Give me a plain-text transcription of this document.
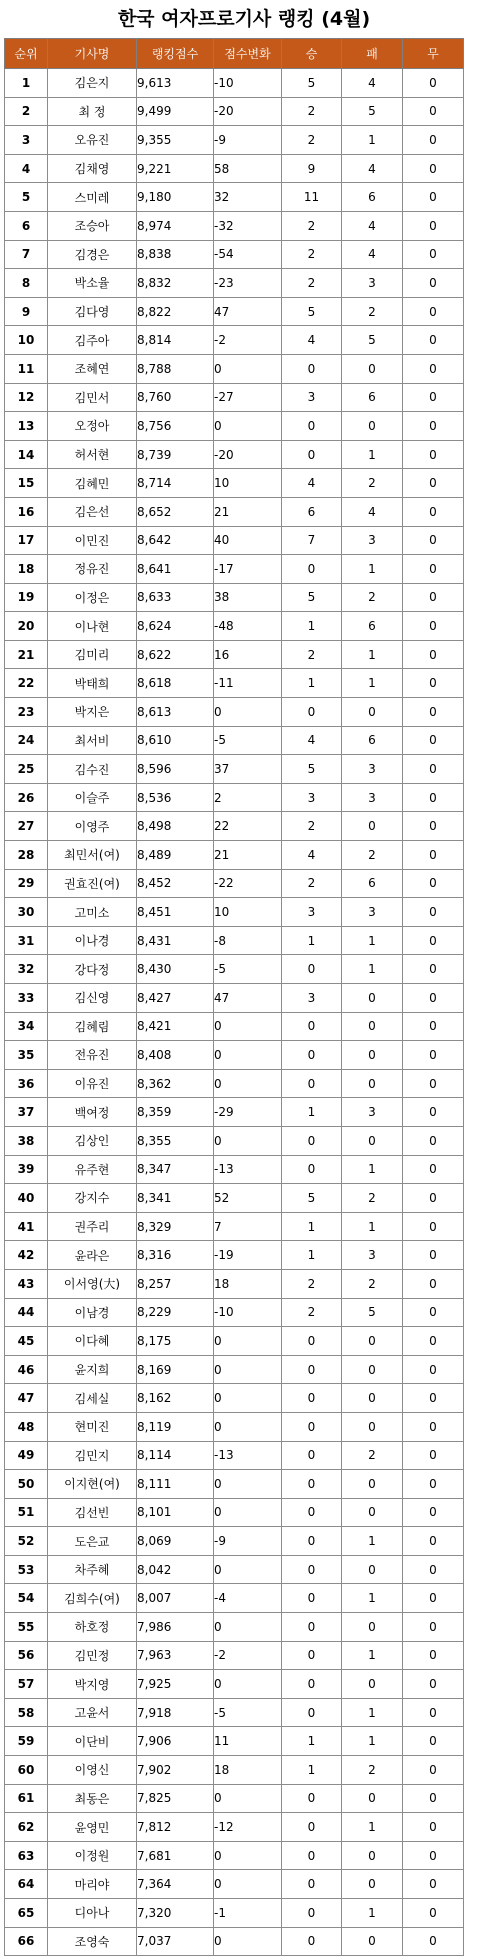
한국 여자프로기사 랭킹 (4월)
순위	기사명	랭킹점수	점수변화	승	패	무
1	김은지	9,613	-10	5	4	0
2	최 정	9,499	-20	2	5	0
3	오유진	9,355	-9	2	1	0
4	김채영	9,221	58	9	4	0
5	스미레	9,180	32	11	6	0
6	조승아	8,974	-32	2	4	0
7	김경은	8,838	-54	2	4	0
8	박소율	8,832	-23	2	3	0
9	김다영	8,822	47	5	2	0
10	김주아	8,814	-2	4	5	0
11	조혜연	8,788	0	0	0	0
12	김민서	8,760	-27	3	6	0
13	오정아	8,756	0	0	0	0
14	허서현	8,739	-20	0	1	0
15	김혜민	8,714	10	4	2	0
16	김은선	8,652	21	6	4	0
17	이민진	8,642	40	7	3	0
18	정유진	8,641	-17	0	1	0
19	이정은	8,633	38	5	2	0
20	이나현	8,624	-48	1	6	0
21	김미리	8,622	16	2	1	0
22	박태희	8,618	-11	1	1	0
23	박지은	8,613	0	0	0	0
24	최서비	8,610	-5	4	6	0
25	김수진	8,596	37	5	3	0
26	이슬주	8,536	2	3	3	0
27	이영주	8,498	22	2	0	0
28	최민서(여)	8,489	21	4	2	0
29	권효진(여)	8,452	-22	2	6	0
30	고미소	8,451	10	3	3	0
31	이나경	8,431	-8	1	1	0
32	강다정	8,430	-5	0	1	0
33	김신영	8,427	47	3	0	0
34	김혜림	8,421	0	0	0	0
35	전유진	8,408	0	0	0	0
36	이유진	8,362	0	0	0	0
37	백여정	8,359	-29	1	3	0
38	김상인	8,355	0	0	0	0
39	유주현	8,347	-13	0	1	0
40	강지수	8,341	52	5	2	0
41	권주리	8,329	7	1	1	0
42	윤라은	8,316	-19	1	3	0
43	이서영(大)	8,257	18	2	2	0
44	이남경	8,229	-10	2	5	0
45	이다혜	8,175	0	0	0	0
46	윤지희	8,169	0	0	0	0
47	김세실	8,162	0	0	0	0
48	현미진	8,119	0	0	0	0
49	김민지	8,114	-13	0	2	0
50	이지현(여)	8,111	0	0	0	0
51	김선빈	8,101	0	0	0	0
52	도은교	8,069	-9	0	1	0
53	차주혜	8,042	0	0	0	0
54	김희수(여)	8,007	-4	0	1	0
55	하호정	7,986	0	0	0	0
56	김민정	7,963	-2	0	1	0
57	박지영	7,925	0	0	0	0
58	고윤서	7,918	-5	0	1	0
59	이단비	7,906	11	1	1	0
60	이영신	7,902	18	1	2	0
61	최동은	7,825	0	0	0	0
62	윤영민	7,812	-12	0	1	0
63	이정원	7,681	0	0	0	0
64	마리야	7,364	0	0	0	0
65	디아나	7,320	-1	0	1	0
66	조영숙	7,037	0	0	0	0
